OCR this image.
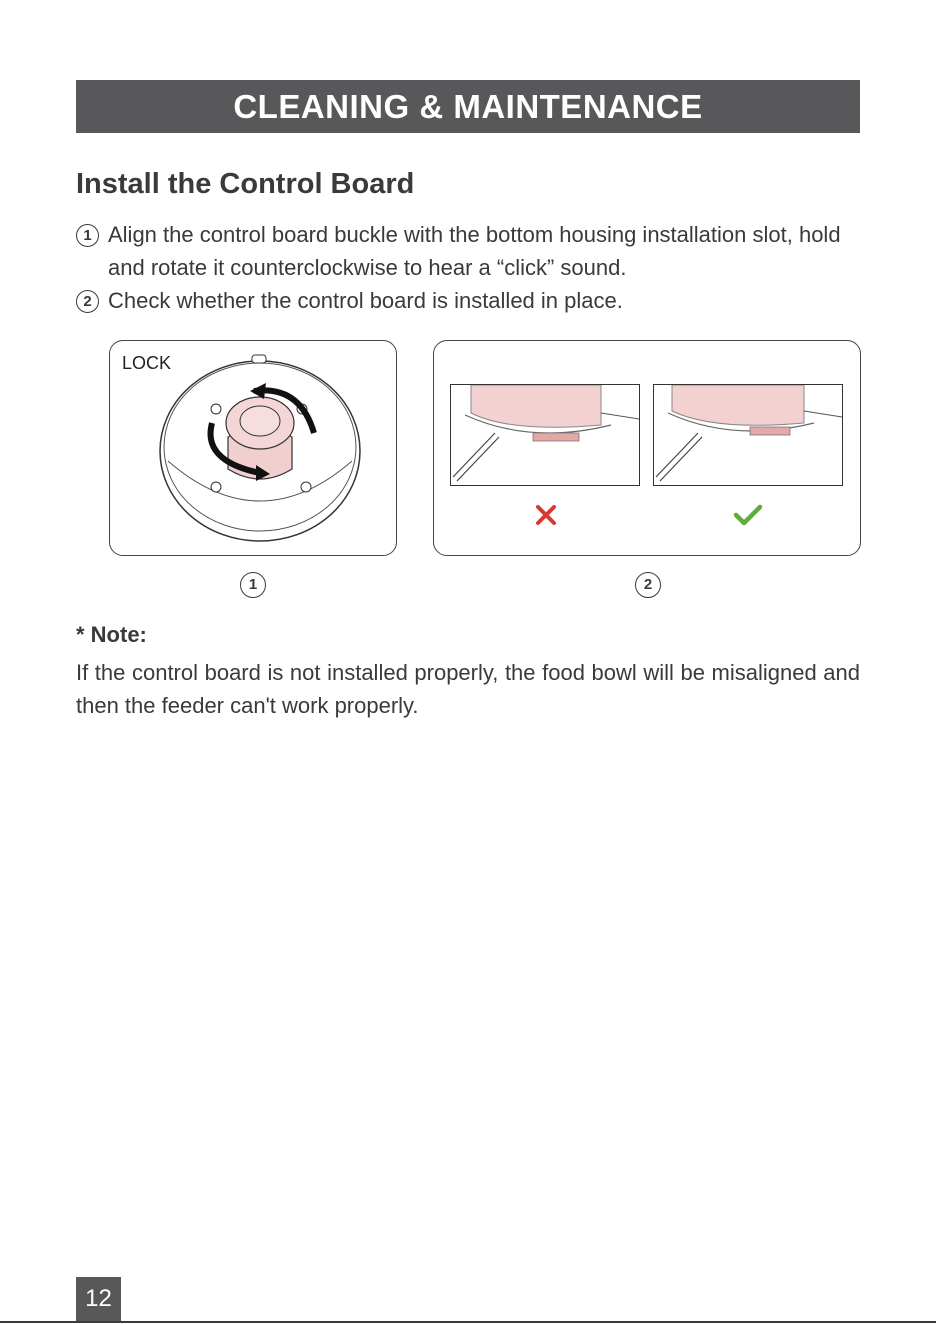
CLEANING & MAINTENANCE
Install the Control Board
1 Align the control board buckle with the bottom housing installation slot, hold and rotate it counterclockwise to hear a “click” sound.
2 Check whether the control board is installed in place.
LOCK
1	2
* Note:
If the control board is not installed properly, the food bowl will be misaligned and then the feeder can't work properly.
12
